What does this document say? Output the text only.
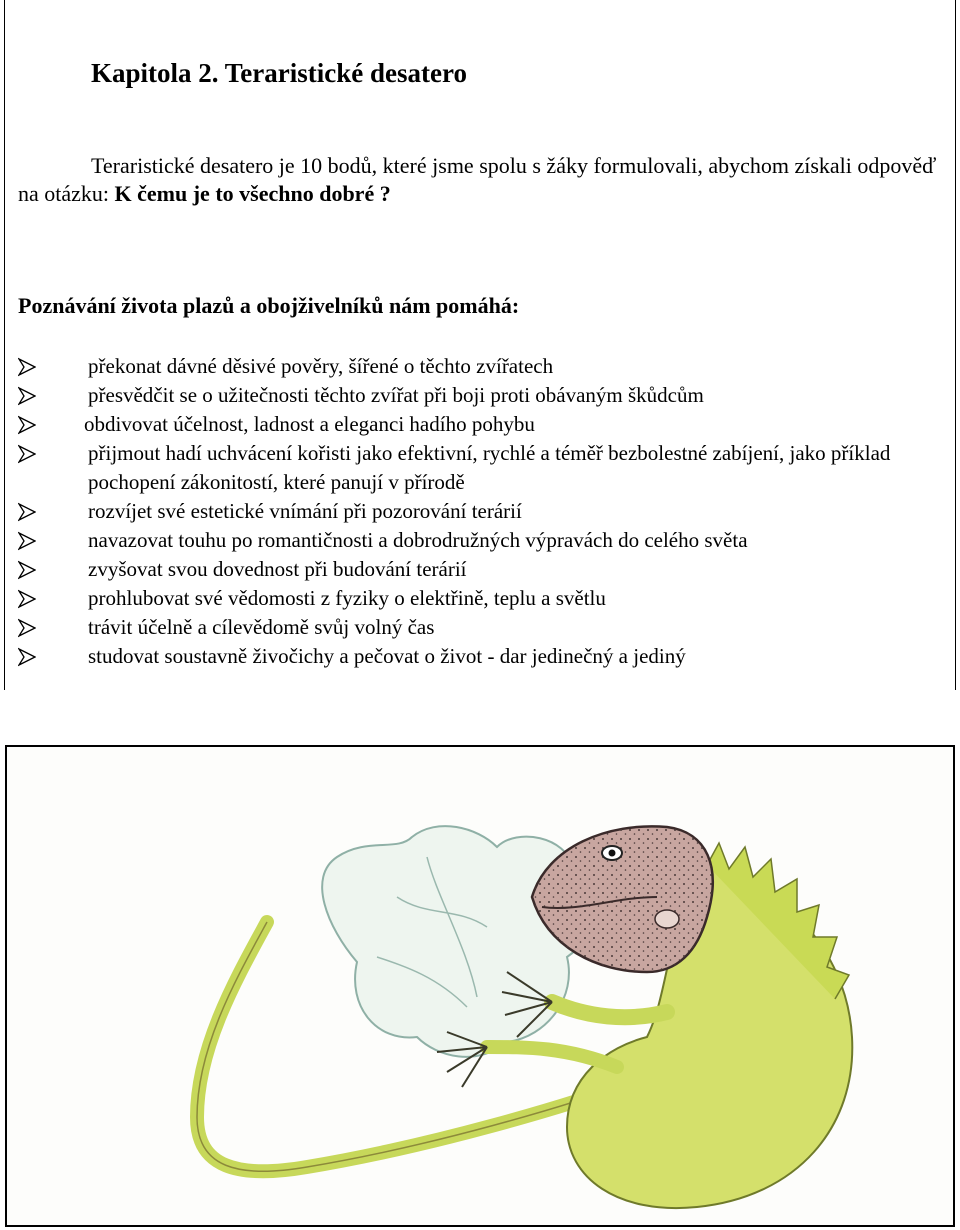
Kapitola 2. Teraristické desatero

Teraristické desatero je 10 bodů, které jsme spolu s žáky formulovali, abychom získali odpověď na otázku: K čemu je to všechno dobré ?

Poznávání života plazů a obojživelníků nám pomáhá:
překonat dávné děsivé pověry, šířené o těchto zvířatech
přesvědčit se o užitečnosti těchto zvířat při boji proti obávaným škůdcům
obdivovat účelnost, ladnost a eleganci hadího pohybu
přijmout hadí uchvácení kořisti jako efektivní, rychlé a téměř bezbolestné zabíjení, jako příklad pochopení zákonitostí, které panují v přírodě
rozvíjet své estetické vnímání při pozorování terárií
navazovat touhu po romantičnosti a dobrodružných výpravách do celého světa
zvyšovat svou dovednost při budování terárií
prohlubovat své vědomosti z fyziky o elektřině, teplu a světlu
trávit účelně a cílevědomě svůj volný čas
studovat soustavně živočichy a pečovat o život - dar jedinečný a jediný
